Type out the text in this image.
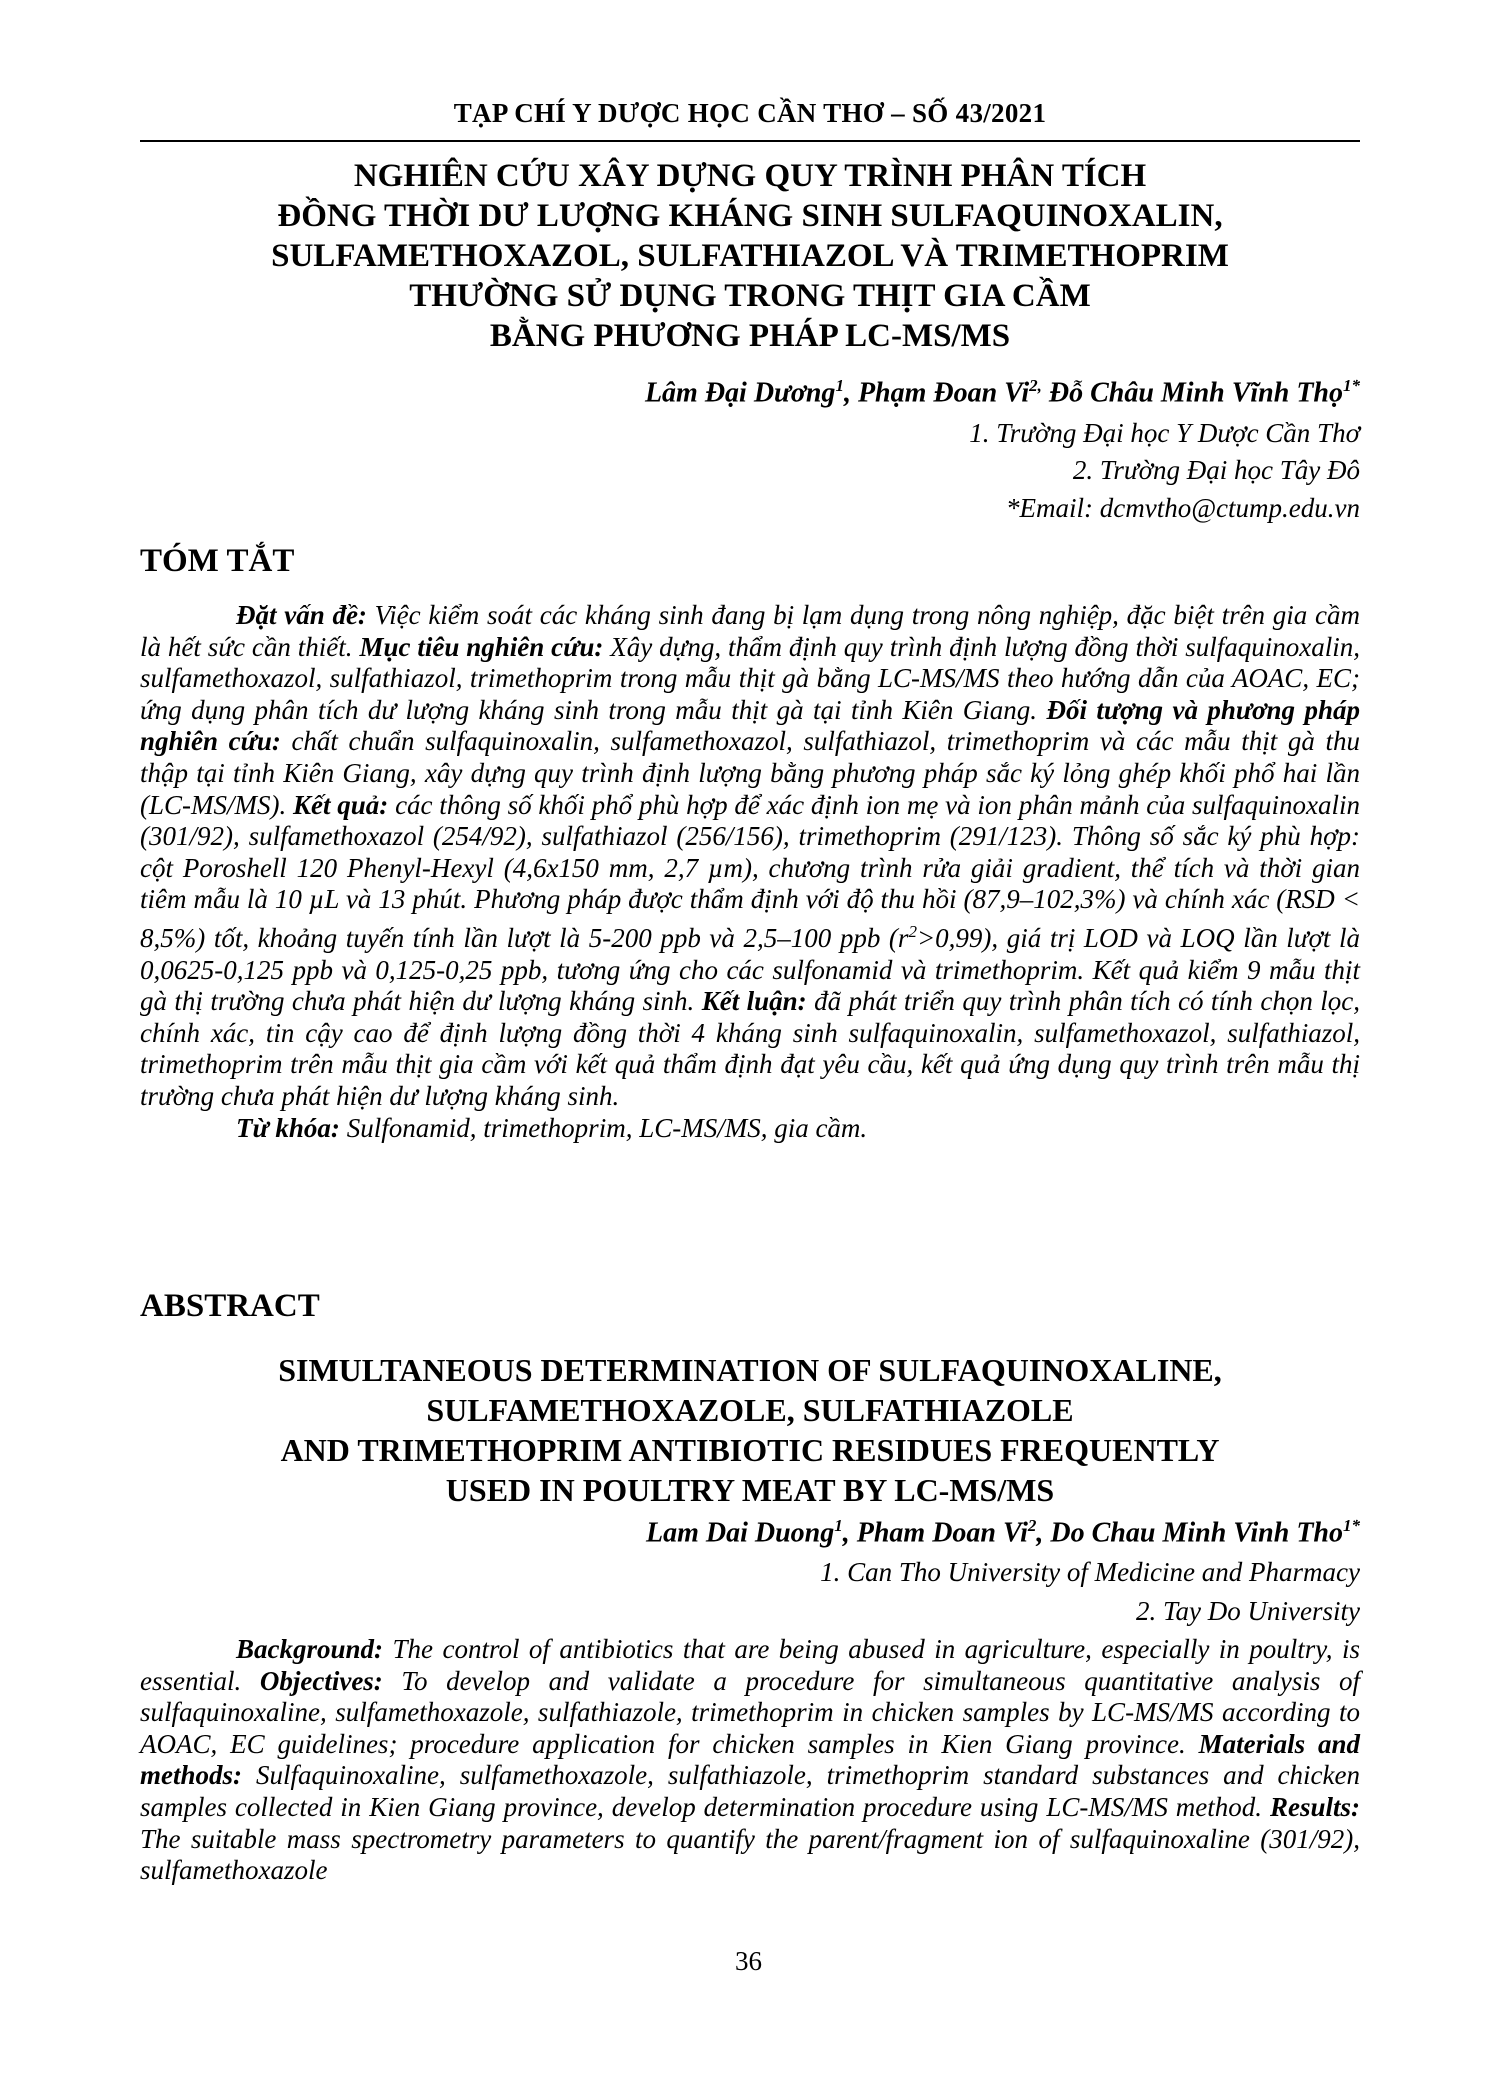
TẠP CHÍ Y DƯỢC HỌC CẦN THƠ – SỐ 43/2021
NGHIÊN CỨU XÂY DỰNG QUY TRÌNH PHÂN TÍCH
ĐỒNG THỜI DƯ LƯỢNG KHÁNG SINH SULFAQUINOXALIN,
SULFAMETHOXAZOL, SULFATHIAZOL VÀ TRIMETHOPRIM
THƯỜNG SỬ DỤNG TRONG THỊT GIA CẦM
BẰNG PHƯƠNG PHÁP LC-MS/MS
Lâm Đại Dương$^1$, Phạm Đoan $Vi^{2,}$ Đỗ Châu Minh Vĩnh Thọ$^{1*}$
1. Trường Đại học Y Dược Cần Thơ
2. Trường Đại học Tây Đô
*Email: dcmvtho@ctump.edu.vn
TÓM TẮT

Đặt vấn đề: Việc kiểm soát các kháng sinh đang bị lạm dụng trong nông nghiệp, đặc biệt trên gia cầm là hết sức cần thiết. Mục tiêu nghiên cứu: Xây dựng, thẩm định quy trình định lượng đồng thời sulfaquinoxalin, sulfamethoxazol, sulfathiazol, trimethoprim trong mẫu thịt gà bằng LC-MS/MS theo hướng dẫn của AOAC, EC; ứng dụng phân tích dư lượng kháng sinh trong mẫu thịt gà tại tỉnh Kiên Giang. Đối tượng và phương pháp nghiên cứu: chất chuẩn sulfaquinoxalin, sulfamethoxazol, sulfathiazol, trimethoprim và các mẫu thịt gà thu thập tại tỉnh Kiên Giang, xây dựng quy trình định lượng bằng phương pháp sắc ký lỏng ghép khối phổ hai lần (LC-MS/MS). Kết quả: các thông số khối phổ phù hợp để xác định ion mẹ và ion phân mảnh của sulfaquinoxalin (301/92), sulfamethoxazol (254/92), sulfathiazol (256/156), trimethoprim (291/123). Thông số sắc ký phù hợp: cột Poroshell 120 Phenyl-Hexyl (4,6x150 mm, 2,7 µm), chương trình rửa giải gradient, thể tích và thời gian tiêm mẫu là 10 µL và 13 phút. Phương pháp được thẩm định với độ thu hồi (87,9–102,3%) và chính xác (RSD < 8,5%) tốt, khoảng tuyến tính lần lượt là 5-200 ppb và 2,5–100 ppb $(r^2>0,99)$, giá trị LOD và LOQ lần lượt là 0,0625-0,125 ppb và 0,125-0,25 ppb, tương ứng cho các sulfonamid và trimethoprim. Kết quả kiểm 9 mẫu thịt gà thị trường chưa phát hiện dư lượng kháng sinh. Kết luận: đã phát triển quy trình phân tích có tính chọn lọc, chính xác, tin cậy cao để định lượng đồng thời 4 kháng sinh sulfaquinoxalin, sulfamethoxazol, sulfathiazol, trimethoprim trên mẫu thịt gia cầm với kết quả thẩm định đạt yêu cầu, kết quả ứng dụng quy trình trên mẫu thị trường chưa phát hiện dư lượng kháng sinh.

Từ khóa: Sulfonamid, trimethoprim, LC-MS/MS, gia cầm.

ABSTRACT
SIMULTANEOUS DETERMINATION OF SULFAQUINOXALINE,
SULFAMETHOXAZOLE, SULFATHIAZOLE
AND TRIMETHOPRIM ANTIBIOTIC RESIDUES FREQUENTLY
USED IN POULTRY MEAT BY LC-MS/MS
Lam Dai Duong$^1$, Pham Doan Vi$^2$, Do Chau Minh Vinh Tho$^{1*}$
1. Can Tho University of Medicine and Pharmacy
2. Tay Do University

Background: The control of antibiotics that are being abused in agriculture, especially in poultry, is essential. Objectives: To develop and validate a procedure for simultaneous quantitative analysis of sulfaquinoxaline, sulfamethoxazole, sulfathiazole, trimethoprim in chicken samples by LC-MS/MS according to AOAC, EC guidelines; procedure application for chicken samples in Kien Giang province. Materials and methods: Sulfaquinoxaline, sulfamethoxazole, sulfathiazole, trimethoprim standard substances and chicken samples collected in Kien Giang province, develop determination procedure using LC-MS/MS method. Results: The suitable mass spectrometry parameters to quantify the parent/fragment ion of sulfaquinoxaline (301/92), sulfamethoxazole

36
